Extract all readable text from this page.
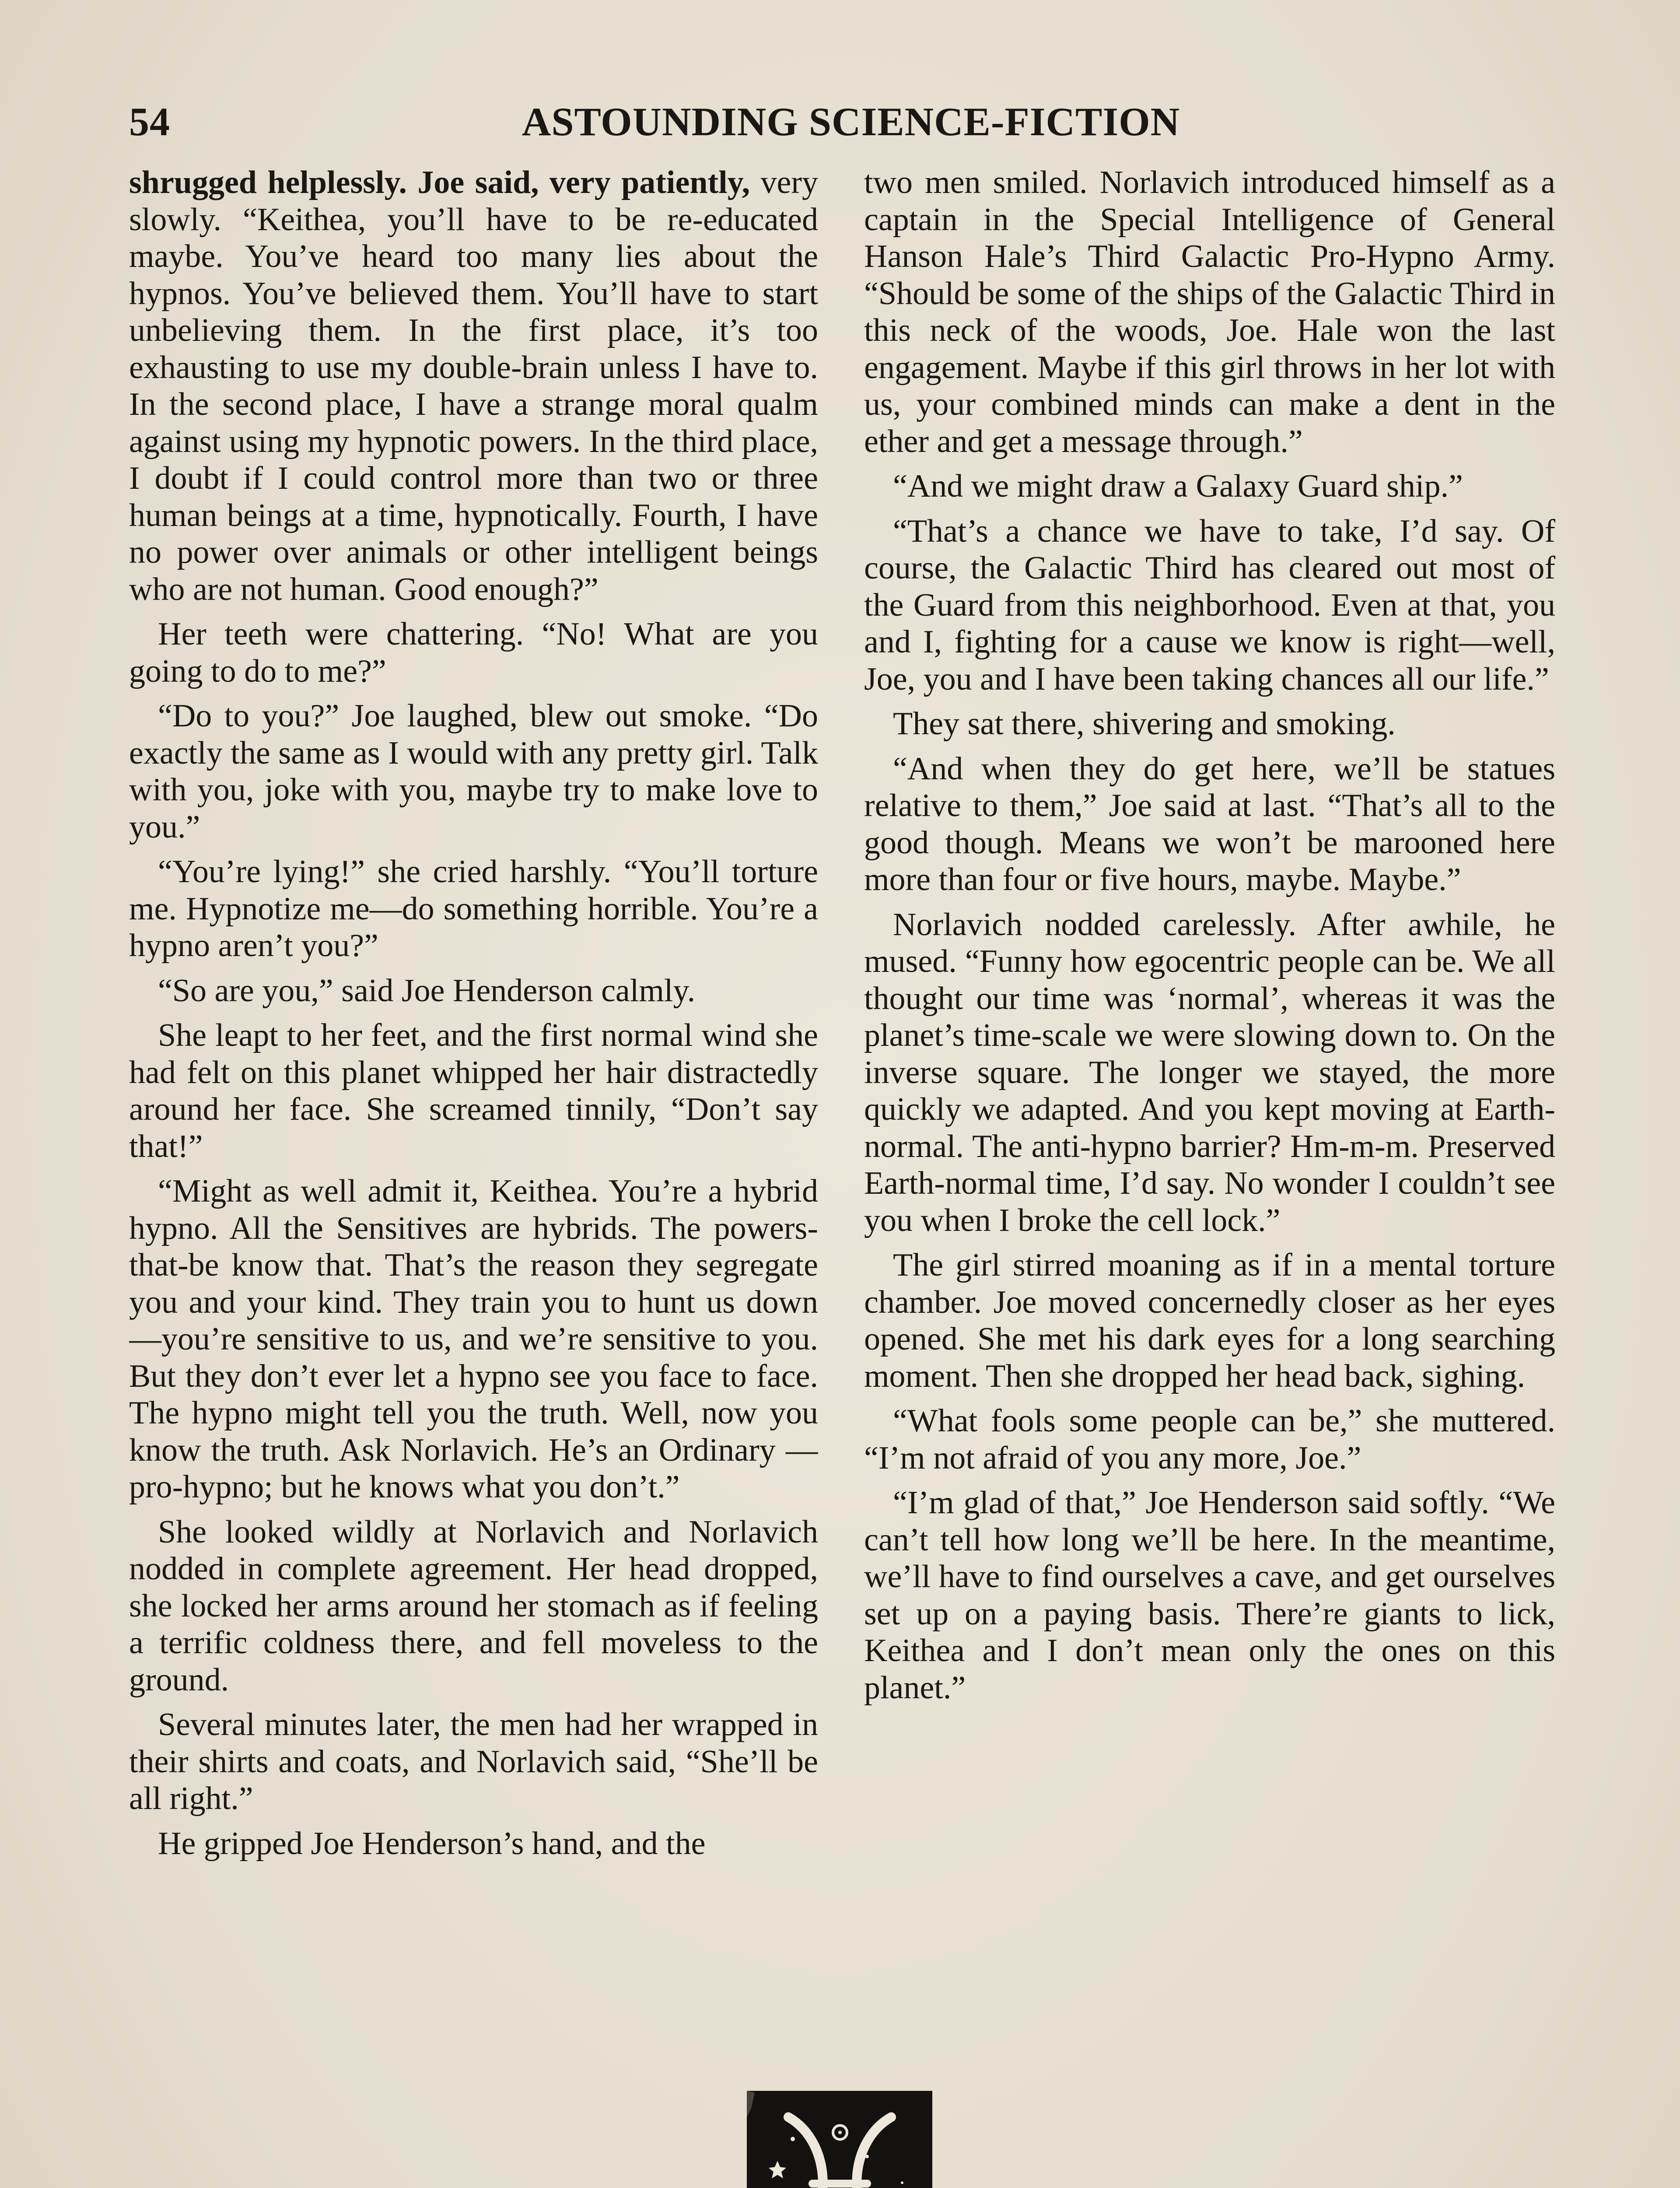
54	ASTOUNDING SCIENCE-FICTION

shrugged helplessly. Joe said, very patiently, very slowly. “Keithea, you’ll have to be re-educated maybe. You’ve heard too many lies about the hypnos. You’ve believed them. You’ll have to start unbelieving them. In the first place, it’s too exhausting to use my double-brain unless I have to. In the second place, I have a strange moral qualm against using my hypnotic powers. In the third place, I doubt if I could control more than two or three human beings at a time, hypnotically. Fourth, I have no power over animals or other intelligent beings who are not human. Good enough?”

Her teeth were chattering. “No! What are you going to do to me?”

“Do to you?” Joe laughed, blew out smoke. “Do exactly the same as I would with any pretty girl. Talk with you, joke with you, maybe try to make love to you.”

“You’re lying!” she cried harshly. “You’ll torture me. Hypnotize me—do something horrible. You’re a hypno aren’t you?”

“So are you,” said Joe Henderson calmly.

She leapt to her feet, and the first normal wind she had felt on this planet whipped her hair distractedly around her face. She screamed tinnily, “Don’t say that!”

“Might as well admit it, Keithea. You’re a hybrid hypno. All the Sensitives are hybrids. The powers-that-be know that. That’s the reason they segregate you and your kind. They train you to hunt us down —you’re sensitive to us, and we’re sensitive to you. But they don’t ever let a hypno see you face to face. The hypno might tell you the truth. Well, now you know the truth. Ask Norlavich. He’s an Ordinary — pro-hypno; but he knows what you don’t.”

She looked wildly at Norlavich and Norlavich nodded in complete agreement. Her head dropped, she locked her arms around her stomach as if feeling a terrific coldness there, and fell moveless to the ground.

Several minutes later, the men had her wrapped in their shirts and coats, and Norlavich said, “She’ll be all right.”

He gripped Joe Henderson’s hand, and the

two men smiled. Norlavich introduced himself as a captain in the Special Intelligence of General Hanson Hale’s Third Galactic Pro-Hypno Army. “Should be some of the ships of the Galactic Third in this neck of the woods, Joe. Hale won the last engagement. Maybe if this girl throws in her lot with us, your combined minds can make a dent in the ether and get a message through.”

“And we might draw a Galaxy Guard ship.”

“That’s a chance we have to take, I’d say. Of course, the Galactic Third has cleared out most of the Guard from this neighborhood. Even at that, you and I, fighting for a cause we know is right—well, Joe, you and I have been taking chances all our life.”

They sat there, shivering and smoking.

“And when they do get here, we’ll be statues relative to them,” Joe said at last. “That’s all to the good though. Means we won’t be marooned here more than four or five hours, maybe. Maybe.”

Norlavich nodded carelessly. After awhile, he mused. “Funny how egocentric people can be. We all thought our time was ‘normal’, whereas it was the planet’s time-scale we were slowing down to. On the inverse square. The longer we stayed, the more quickly we adapted. And you kept moving at Earth-normal. The anti-hypno barrier? Hm-m-m. Preserved Earth-normal time, I’d say. No wonder I couldn’t see you when I broke the cell lock.”

The girl stirred moaning as if in a mental torture chamber. Joe moved concernedly closer as her eyes opened. She met his dark eyes for a long searching moment. Then she dropped her head back, sighing.

“What fools some people can be,” she muttered. “I’m not afraid of you any more, Joe.”

“I’m glad of that,” Joe Henderson said softly. “We can’t tell how long we’ll be here. In the meantime, we’ll have to find ourselves a cave, and get ourselves set up on a paying basis. There’re giants to lick, Keithea and I don’t mean only the ones on this planet.”
